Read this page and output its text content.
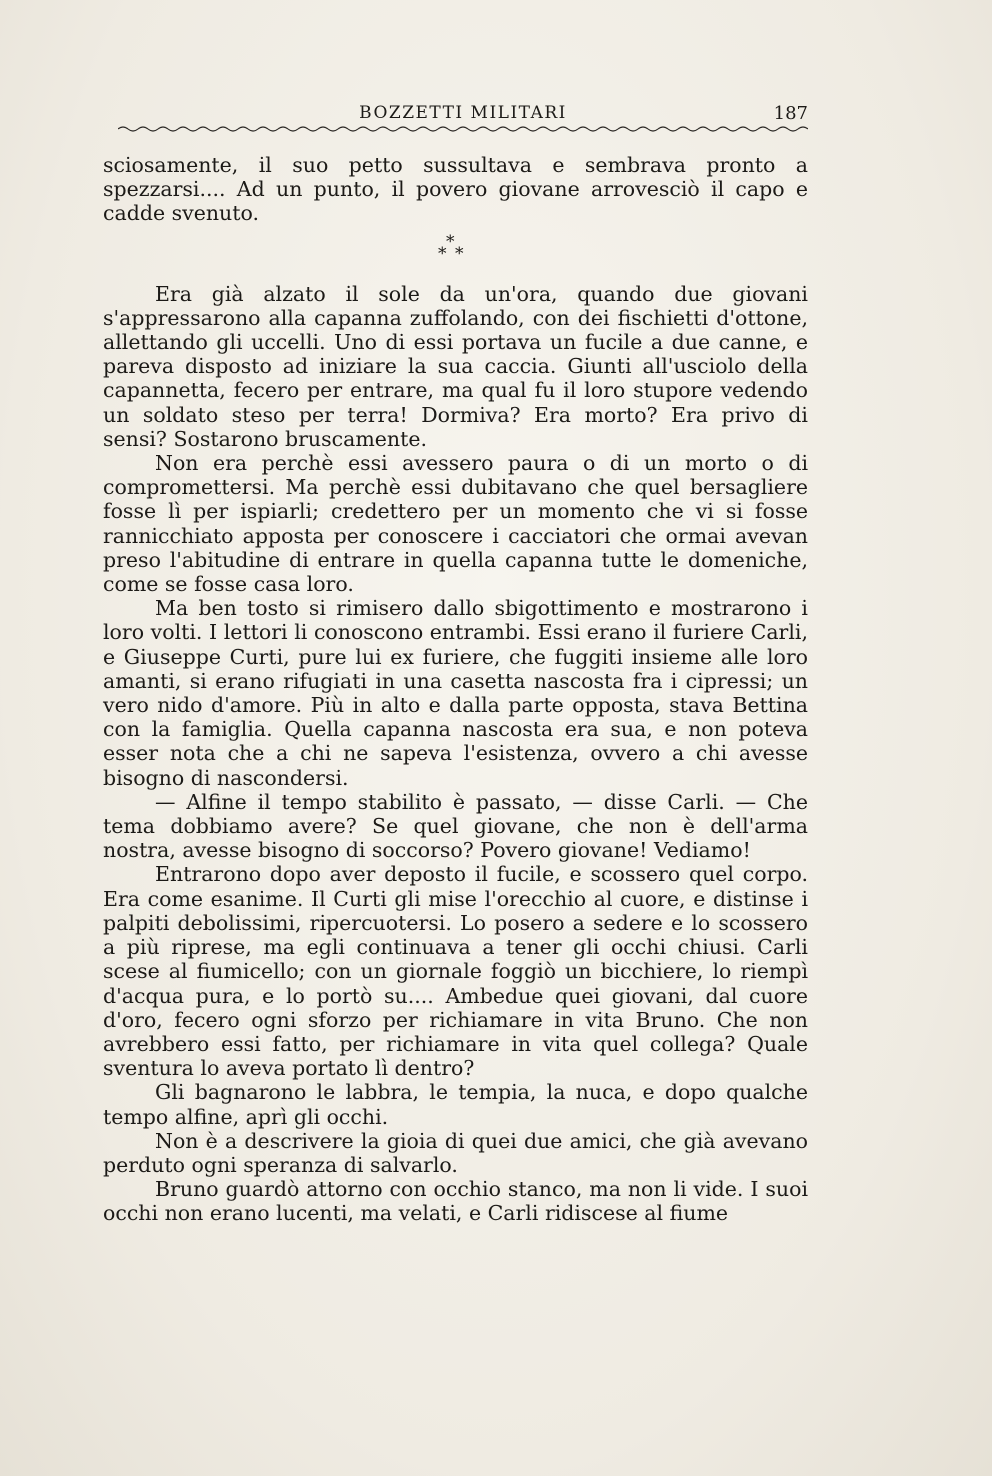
BOZZETTI MILITARI	187

sciosamente, il suo petto sussultava e sembrava pronto a spezzarsi.... Ad un punto, il povero giovane arrovesciò il capo e cadde svenuto.

*
* *

Era già alzato il sole da un'ora, quando due giovani s'appressarono alla capanna zuffolando, con dei fischietti d'ottone, allettando gli uccelli. Uno di essi portava un fucile a due canne, e pareva disposto ad iniziare la sua caccia. Giunti all'usciolo della capannetta, fecero per entrare, ma qual fu il loro stupore vedendo un soldato steso per terra! Dormiva? Era morto? Era privo di sensi? Sostarono bruscamente.

Non era perchè essi avessero paura o di un morto o di compromettersi. Ma perchè essi dubitavano che quel bersagliere fosse lì per ispiarli; credettero per un momento che vi si fosse rannicchiato apposta per conoscere i cacciatori che ormai avevan preso l'abitudine di entrare in quella capanna tutte le domeniche, come se fosse casa loro.

Ma ben tosto si rimisero dallo sbigottimento e mostrarono i loro volti. I lettori li conoscono entrambi. Essi erano il furiere Carli, e Giuseppe Curti, pure lui ex furiere, che fuggiti insieme alle loro amanti, si erano rifugiati in una casetta nascosta fra i cipressi; un vero nido d'amore. Più in alto e dalla parte opposta, stava Bettina con la famiglia. Quella capanna nascosta era sua, e non poteva esser nota che a chi ne sapeva l'esistenza, ovvero a chi avesse bisogno di nascondersi.

— Alfine il tempo stabilito è passato, — disse Carli. — Che tema dobbiamo avere? Se quel giovane, che non è dell'arma nostra, avesse bisogno di soccorso? Povero giovane! Vediamo!

Entrarono dopo aver deposto il fucile, e scossero quel corpo. Era come esanime. Il Curti gli mise l'orecchio al cuore, e distinse i palpiti debolissimi, ripercuotersi. Lo posero a sedere e lo scossero a più riprese, ma egli continuava a tener gli occhi chiusi. Carli scese al fiumicello; con un giornale foggiò un bicchiere, lo riempì d'acqua pura, e lo portò su.... Ambedue quei giovani, dal cuore d'oro, fecero ogni sforzo per richiamare in vita Bruno. Che non avrebbero essi fatto, per richiamare in vita quel collega? Quale sventura lo aveva portato lì dentro?

Gli bagnarono le labbra, le tempia, la nuca, e dopo qualche tempo alfine, aprì gli occhi.

Non è a descrivere la gioia di quei due amici, che già avevano perduto ogni speranza di salvarlo.

Bruno guardò attorno con occhio stanco, ma non li vide. I suoi occhi non erano lucenti, ma velati, e Carli ridiscese al fiume
